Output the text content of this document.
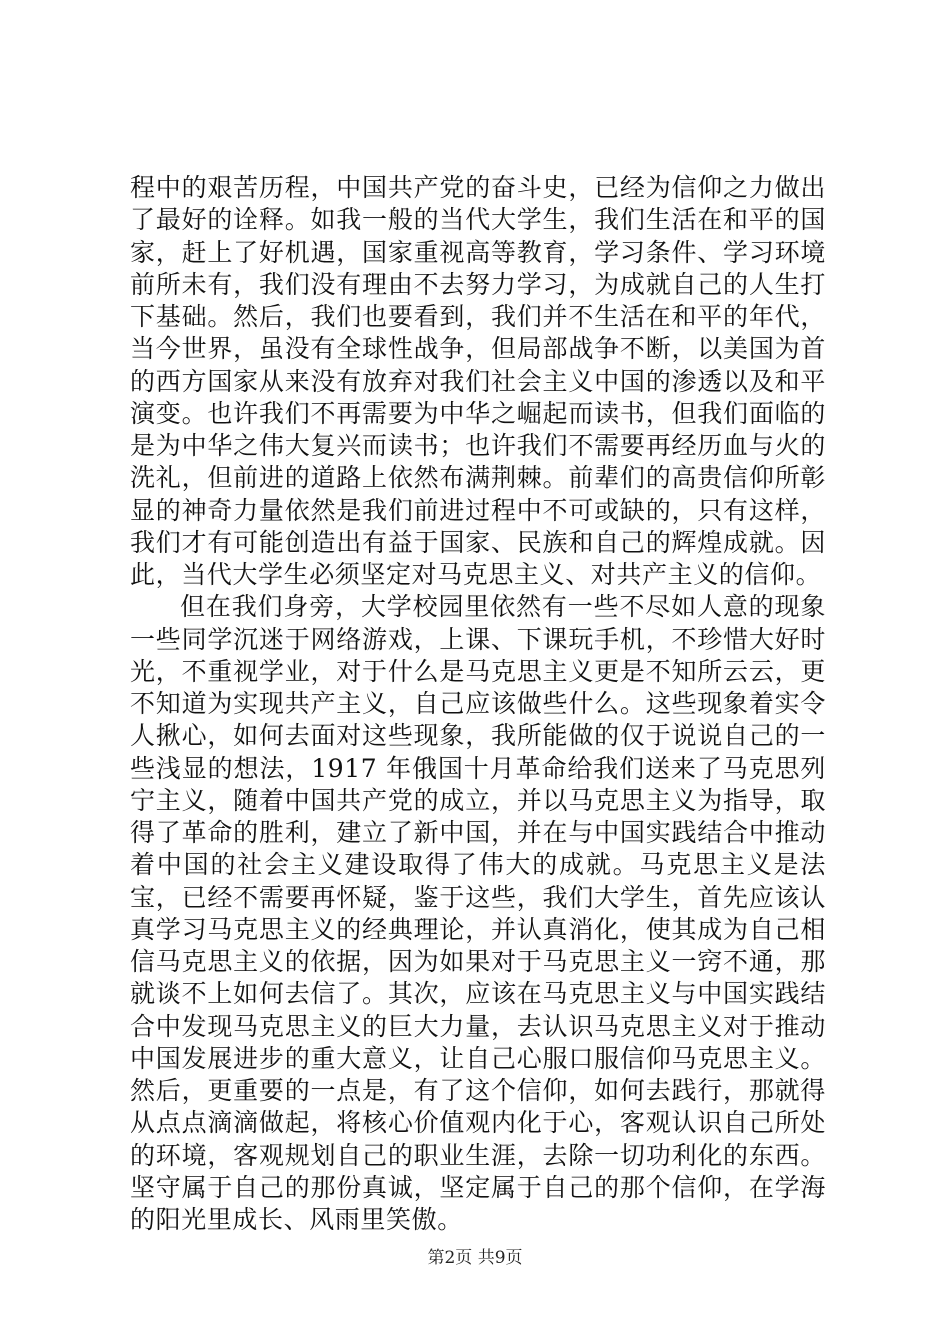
程中的艰苦历程，中国共产党的奋斗史，已经为信仰之力做出了最好的诠释。如我一般的当代大学生，我们生活在和平的国家，赶上了好机遇，国家重视高等教育，学习条件、学习环境前所未有，我们没有理由不去努力学习，为成就自己的人生打下基础。然后，我们也要看到，我们并不生活在和平的年代，当今世界，虽没有全球性战争，但局部战争不断，以美国为首的西方国家从来没有放弃对我们社会主义中国的渗透以及和平演变。也许我们不再需要为中华之崛起而读书，但我们面临的是为中华之伟大复兴而读书；也许我们不需要再经历血与火的洗礼，但前进的道路上依然布满荆棘。前辈们的高贵信仰所彰显的神奇力量依然是我们前进过程中不可或缺的，只有这样，我们才有可能创造出有益于国家、民族和自己的辉煌成就。因此，当代大学生必须坚定对马克思主义、对共产主义的信仰。

但在我们身旁，大学校园里依然有一些不尽如人意的现象一些同学沉迷于网络游戏，上课、下课玩手机，不珍惜大好时光，不重视学业，对于什么是马克思主义更是不知所云云，更不知道为实现共产主义，自己应该做些什么。这些现象着实令人揪心，如何去面对这些现象，我所能做的仅于说说自己的一些浅显的想法，1917 年俄国十月革命给我们送来了马克思列宁主义，随着中国共产党的成立，并以马克思主义为指导，取得了革命的胜利，建立了新中国，并在与中国实践结合中推动着中国的社会主义建设取得了伟大的成就。马克思主义是法宝，已经不需要再怀疑，鉴于这些，我们大学生，首先应该认真学习马克思主义的经典理论，并认真消化，使其成为自己相信马克思主义的依据，因为如果对于马克思主义一窍不通，那就谈不上如何去信了。其次，应该在马克思主义与中国实践结合中发现马克思主义的巨大力量，去认识马克思主义对于推动中国发展进步的重大意义，让自己心服口服信仰马克思主义。然后，更重要的一点是，有了这个信仰，如何去践行，那就得从点点滴滴做起，将核心价值观内化于心，客观认识自己所处的环境，客观规划自己的职业生涯，去除一切功利化的东西。坚守属于自己的那份真诚，坚定属于自己的那个信仰，在学海的阳光里成长、风雨里笑傲。

第2页 共9页
